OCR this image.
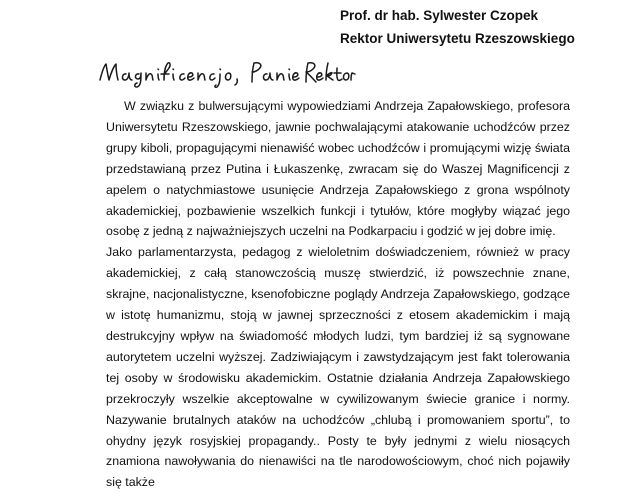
Prof. dr hab. Sylwester Czopek
Rektor Uniwersytetu Rzeszowskiego

W związku z bulwersującymi wypowiedziami Andrzeja Zapałowskiego, profesora Uniwersytetu Rzeszowskiego, jawnie pochwalającymi atakowanie uchodźców przez grupy kiboli, propagującymi nienawiść wobec uchodźców i promującymi wizję świata przedstawianą przez Putina i Łukaszenkę, zwracam się do Waszej Magnificencji z apelem o natychmiastowe usunięcie Andrzeja Zapałowskiego z grona wspólnoty akademickiej, pozbawienie wszelkich funkcji i tytułów, które mogłyby wiązać jego osobę z jedną z najważniejszych uczelni na Podkarpaciu i godzić w jej dobre imię.

Jako parlamentarzysta, pedagog z wieloletnim doświadczeniem, również w pracy akademickiej, z całą stanowczością muszę stwierdzić, iż powszechnie znane, skrajne, nacjonalistyczne, ksenofobiczne poglądy Andrzeja Zapałowskiego, godzące w istotę humanizmu, stoją w jawnej sprzeczności z etosem akademickim i mają destrukcyjny wpływ na świadomość młodych ludzi, tym bardziej iż są sygnowane autorytetem uczelni wyższej. Zadziwiającym i zawstydzającym jest fakt tolerowania tej osoby w środowisku akademickim. Ostatnie działania Andrzeja Zapałowskiego przekroczyły wszelkie akceptowalne w cywilizowanym świecie granice i normy. Nazywanie brutalnych ataków na uchodźców „chlubą i promowaniem sportu”, to ohydny język rosyjskiej propagandy.. Posty te były jednymi z wielu niosących znamiona nawoływania do nienawiści na tle narodowościowym, choć nich pojawiły się także
